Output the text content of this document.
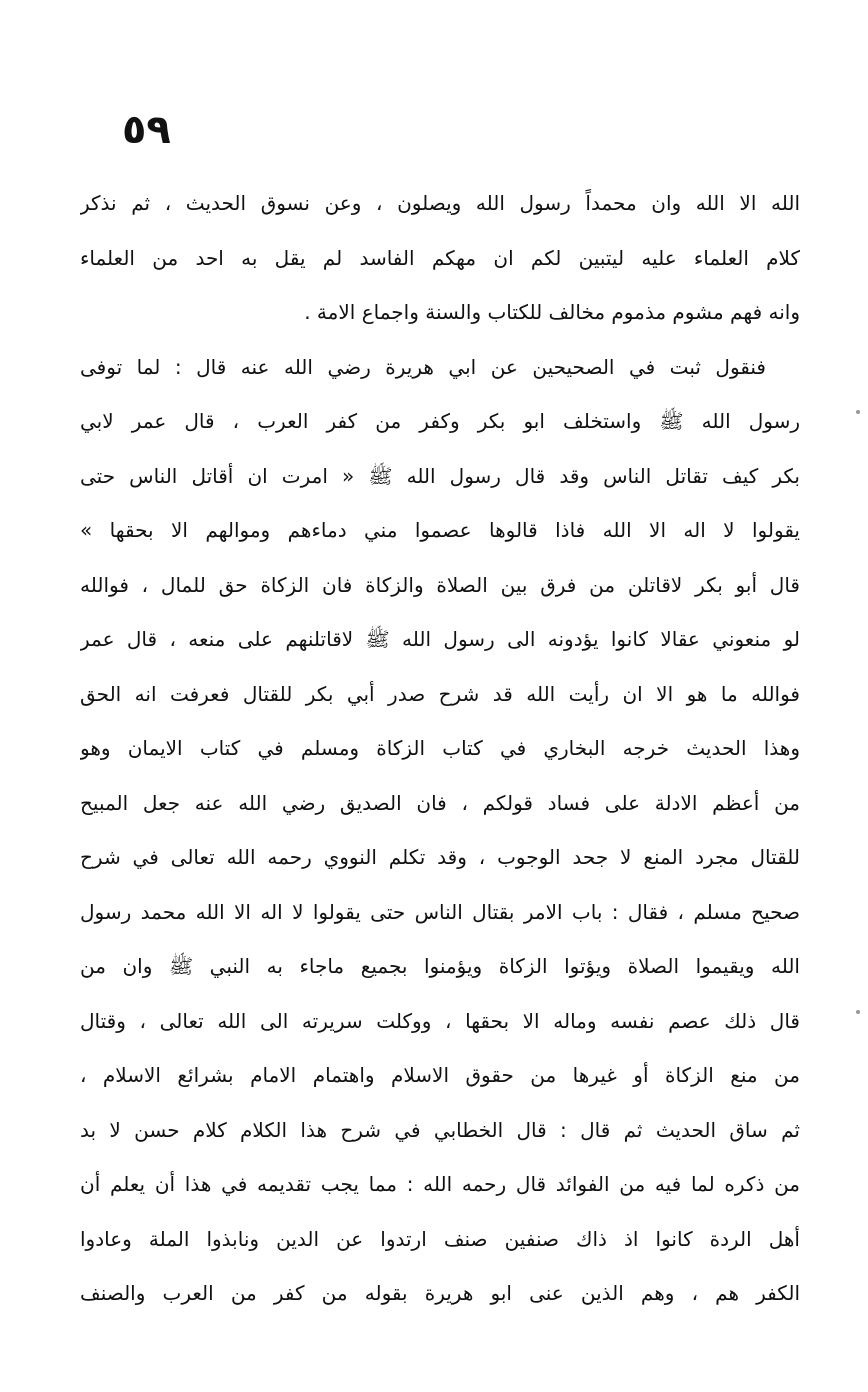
٥٩
الله الا الله وان محمداً رسول الله ويصلون ، وعن نسوق الحديث ، ثم نذكر
كلام العلماء عليه ليتبين لكم ان مهكم الفاسد لم يقل به احد من العلماء
وانه فهم مشوم مذموم مخالف للكتاب والسنة واجماع الامة .
فنقول ثبت في الصحيحين عن ابي هريرة رضي الله عنه قال : لما توفى
رسول الله ﷺ واستخلف ابو بكر وكفر من كفر العرب ، قال عمر لابي
بكر كيف تقاتل الناس وقد قال رسول الله ﷺ « امرت ان أقاتل الناس حتى
يقولوا لا اله الا الله فاذا قالوها عصموا مني دماءهم وموالهم الا بحقها »
قال أبو بكر لاقاتلن من فرق بين الصلاة والزكاة فان الزكاة حق للمال ، فوالله
لو منعوني عقالا كانوا يؤدونه الى رسول الله ﷺ لاقاتلنهم على منعه ، قال عمر
فوالله ما هو الا ان رأيت الله قد شرح صدر أبي بكر للقتال فعرفت انه الحق
وهذا الحديث خرجه البخاري في كتاب الزكاة ومسلم في كتاب الايمان وهو
من أعظم الادلة على فساد قولكم ، فان الصديق رضي الله عنه جعل المبيح
للقتال مجرد المنع لا جحد الوجوب ، وقد تكلم النووي رحمه الله تعالى في شرح
صحيح مسلم ، فقال : باب الامر بقتال الناس حتى يقولوا لا اله الا الله محمد رسول
الله ويقيموا الصلاة ويؤتوا الزكاة ويؤمنوا بجميع ماجاء به النبي ﷺ وان من
قال ذلك عصم نفسه وماله الا بحقها ، ووكلت سريرته الى الله تعالى ، وقتال
من منع الزكاة أو غيرها من حقوق الاسلام واهتمام الامام بشرائع الاسلام ،
ثم ساق الحديث ثم قال : قال الخطابي في شرح هذا الكلام كلام حسن لا بد
من ذكره لما فيه من الفوائد قال رحمه الله : مما يجب تقديمه في هذا أن يعلم أن
أهل الردة كانوا اذ ذاك صنفين صنف ارتدوا عن الدين ونابذوا الملة وعادوا
الكفر هم ، وهم الذين عنى ابو هريرة بقوله من كفر من العرب والصنف
